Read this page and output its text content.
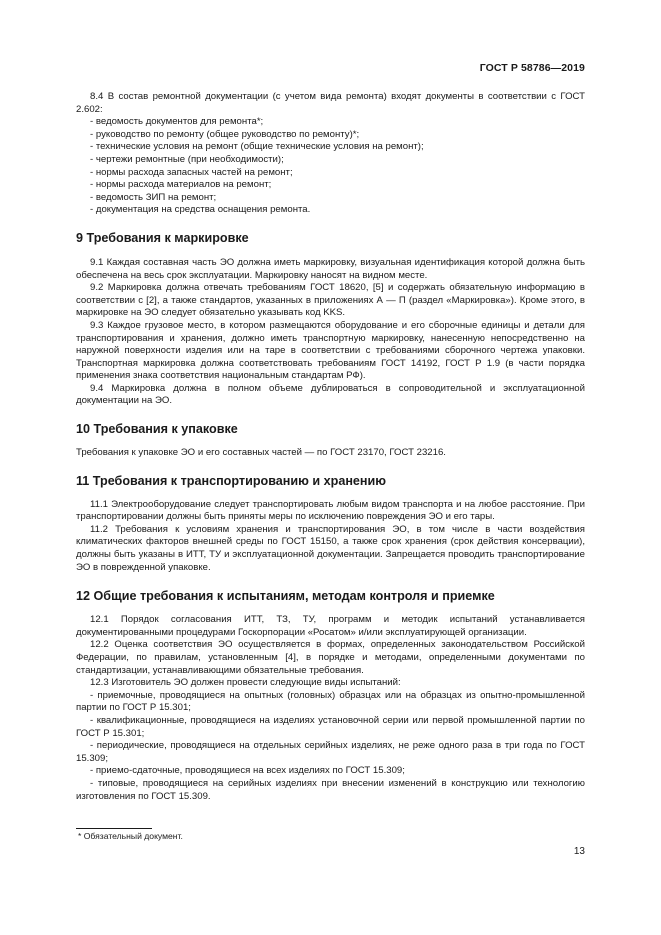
ГОСТ Р 58786—2019

8.4 В состав ремонтной документации (с учетом вида ремонта) входят документы в соответствии с ГОСТ 2.602:

- ведомость документов для ремонта*;

- руководство по ремонту (общее руководство по ремонту)*;

- технические условия на ремонт (общие технические условия на ремонт);

- чертежи ремонтные (при необходимости);

- нормы расхода запасных частей на ремонт;

- нормы расхода материалов на ремонт;

- ведомость ЗИП на ремонт;

- документация на средства оснащения ремонта.

9 Требования к маркировке

9.1 Каждая составная часть ЭО должна иметь маркировку, визуальная идентификация которой должна быть обеспечена на весь срок эксплуатации. Маркировку наносят на видном месте.

9.2 Маркировка должна отвечать требованиям ГОСТ 18620, [5] и содержать обязательную информацию в соответствии с [2], а также стандартов, указанных в приложениях А — П (раздел «Маркировка»). Кроме этого, в маркировке на ЭО следует обязательно указывать код KKS.

9.3 Каждое грузовое место, в котором размещаются оборудование и его сборочные единицы и детали для транспортирования и хранения, должно иметь транспортную маркировку, нанесенную непосредственно на наружной поверхности изделия или на таре в соответствии с требованиями сборочного чертежа упаковки. Транспортная маркировка должна соответствовать требованиям ГОСТ 14192, ГОСТ Р 1.9 (в части порядка применения знака соответствия национальным стандартам РФ).

9.4 Маркировка должна в полном объеме дублироваться в сопроводительной и эксплуатационной документации на ЭО.

10 Требования к упаковке

Требования к упаковке ЭО и его составных частей — по ГОСТ 23170, ГОСТ 23216.

11 Требования к транспортированию и хранению

11.1 Электрооборудование следует транспортировать любым видом транспорта и на любое расстояние. При транспортировании должны быть приняты меры по исключению повреждения ЭО и его тары.

11.2 Требования к условиям хранения и транспортирования ЭО, в том числе в части воздействия климатических факторов внешней среды по ГОСТ 15150, а также срок хранения (срок действия консервации), должны быть указаны в ИТТ, ТУ и эксплуатационной документации. Запрещается проводить транспортирование ЭО в поврежденной упаковке.

12 Общие требования к испытаниям, методам контроля и приемке

12.1 Порядок согласования ИТТ, ТЗ, ТУ, программ и методик испытаний устанавливается документированными процедурами Госкорпорации «Росатом» и/или эксплуатирующей организации.

12.2 Оценка соответствия ЭО осуществляется в формах, определенных законодательством Российской Федерации, по правилам, установленным [4], в порядке и методами, определенными документами по стандартизации, устанавливающими обязательные требования.

12.3 Изготовитель ЭО должен провести следующие виды испытаний:

- приемочные, проводящиеся на опытных (головных) образцах или на образцах из опытно-промышленной партии по ГОСТ Р 15.301;

- квалификационные, проводящиеся на изделиях установочной серии или первой промышленной партии по ГОСТ Р 15.301;

- периодические, проводящиеся на отдельных серийных изделиях, не реже одного раза в три года по ГОСТ 15.309;

- приемо-сдаточные, проводящиеся на всех изделиях по ГОСТ 15.309;

- типовые, проводящиеся на серийных изделиях при внесении изменений в конструкцию или технологию изготовления по ГОСТ 15.309.

* Обязательный документ.
13
